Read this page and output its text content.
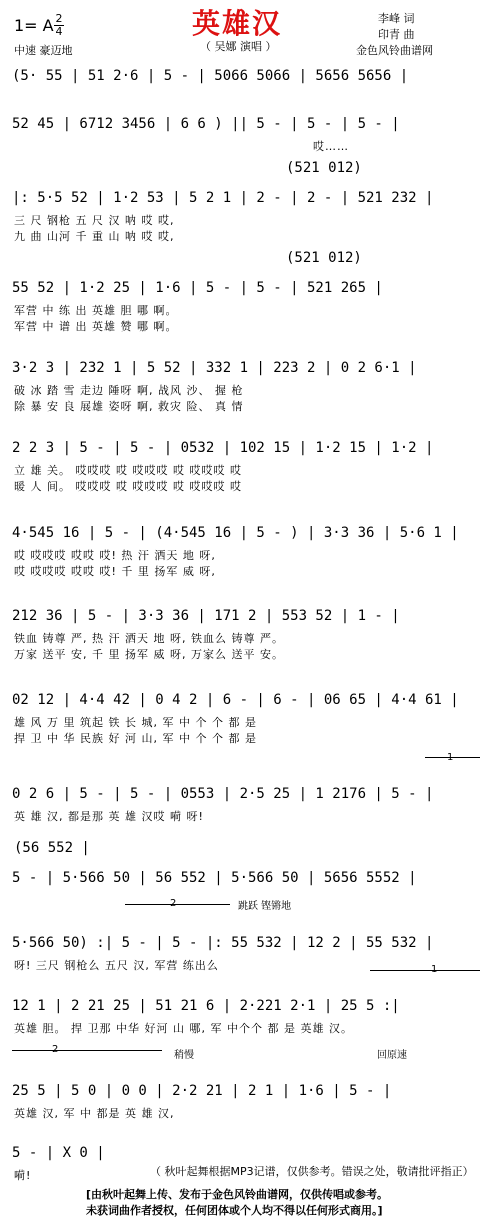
英雄汉
1= A 2
4
中速 豪迈地	（ 吴娜 演唱 ）
李峰 词
印青 曲
金色风铃曲谱网
(5· 55 | 51 2·6 | 5 - | 5066 5066 | 5656 5656 |
52 45 | 6712 3456 | 6 6 ) || 5 - | 5 - | 5 - |
哎……
(521 012)
|: 5·5 52 | 1·2 53 | 5 2 1 | 2 - | 2 - | 521 232 |
三 尺 钢枪 五 尺 汉 呐 哎 哎,
九 曲 山河 千 重 山 呐 哎 哎,
(521 012)
55 52 | 1·2 25 | 1·6 | 5 - | 5 - | 521 265 |
军营 中 练 出 英雄 胆 哪 啊。
军营 中 谱 出 英雄 赞 哪 啊。
3·2 3 | 232 1 | 5 52 | 332 1 | 223 2 | 0 2 6·1 |
破 冰 踏 雪 走边 陲呀 啊, 战风 沙、 握 枪
除 暴 安 良 展雄 姿呀 啊, 救灾 险、 真 情
2 2 3 | 5 - | 5 - | 0532 | 102 15 | 1·2 15 | 1·2 |
立 雄 关。 哎哎哎 哎 哎哎哎 哎 哎哎哎 哎
暖 人 间。 哎哎哎 哎 哎哎哎 哎 哎哎哎 哎
4·545 16 | 5 - | (4·545 16 | 5 - ) | 3·3 36 | 5·6 1 |
哎 哎哎哎 哎哎 哎! 热 汗 洒天 地 呀,
哎 哎哎哎 哎哎 哎! 千 里 扬军 威 呀,
212 36 | 5 - | 3·3 36 | 171 2 | 553 52 | 1 - |
铁血 铸尊 严, 热 汗 洒天 地 呀, 铁血么 铸尊 严。
万家 送平 安, 千 里 扬军 威 呀, 万家么 送平 安。
02 12 | 4·4 42 | 0 4 2 | 6 - | 6 - | 06 65 | 4·4 61 |
雄 风 万 里 筑起 铁 长 城, 军 中 个 个 都 是
捍 卫 中 华 民族 好 河 山, 军 中 个 个 都 是
0 2 6 | 5 - | 5 - | 0553 | 2·5 25 | 1 2176 | 5 - |
英 雄 汉, 都是那 英 雄 汉哎 嗬 呀!
(56 552 |
5 - | 5·566 50 | 56 552 | 5·566 50 | 5656 5552 |
5·566 50) :| 5 - | 5 - |: 55 532 | 12 2 | 55 532 |
呀! 三尺 钢枪么 五尺 汉, 军营 练出么
12 1 | 2 21 25 | 51 21 6 | 2·221 2·1 | 25 5 :|
英雄 胆。 捍 卫那 中华 好河 山 哪, 军 中个个 都 是 英雄 汉。
25 5 | 5 0 | 0 0 | 2·2 21 | 2 1 | 1·6 | 5 - |
英雄 汉, 军 中 都是 英 雄 汉,
5 - | X 0 |
嗬!
跳跃 铿锵地
稍慢	回原速
（ 秋叶起舞根据MP3记谱，仅供参考。错误之处，敬请批评指正）
[由秋叶起舞上传、发布于金色风铃曲谱网，仅供传唱或参考。
未获词曲作者授权，任何团体或个人均不得以任何形式商用。]
